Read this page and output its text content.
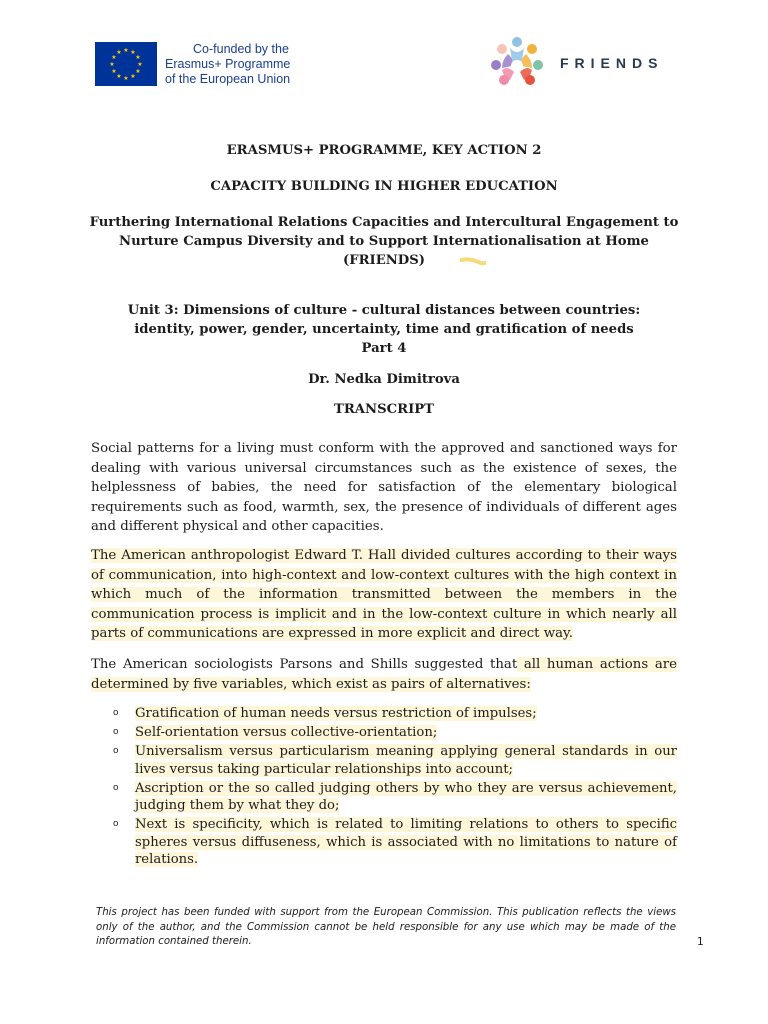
★ ★
★
★
★
★
★
★
★
★
★
★	Co-funded by the
Erasmus+ Programme
of the European Union
FRIENDS
ERASMUS+ PROGRAMME, KEY ACTION 2
CAPACITY BUILDING IN HIGHER EDUCATION
Furthering International Relations Capacities and Intercultural Engagement to
Nurture Campus Diversity and to Support Internationalisation at Home
(FRIENDS)
Unit 3: Dimensions of culture - cultural distances between countries:
identity, power, gender, uncertainty, time and gratification of needs
Part 4
Dr. Nedka Dimitrova
TRANSCRIPT
Social patterns for a living must conform with the approved and sanctioned ways for dealing with various universal circumstances such as the existence of sexes, the helplessness of babies, the need for satisfaction of the elementary biological requirements such as food, warmth, sex, the presence of individuals of different ages and different physical and other capacities.
The American anthropologist Edward T. Hall divided cultures according to their ways of communication, into high-context and low-context cultures with the high context in which much of the information transmitted between the members in the communication process is implicit and in the low-context culture in which nearly all parts of communications are expressed in more explicit and direct way.
The American sociologists Parsons and Shills suggested that all human actions are determined by five variables, which exist as pairs of alternatives:
o Gratification of human needs versus restriction of impulses;
o Self-orientation versus collective-orientation;
o Universalism versus particularism meaning applying general standards in our lives versus taking particular relationships into account;
o Ascription or the so called judging others by who they are versus achievement, judging them by what they do;
o Next is specificity, which is related to limiting relations to others to specific spheres versus diffuseness, which is associated with no limitations to nature of relations.
This project has been funded with support from the European Commission. This publication reflects the views only of the author, and the Commission cannot be held responsible for any use which may be made of the information contained therein.	1
